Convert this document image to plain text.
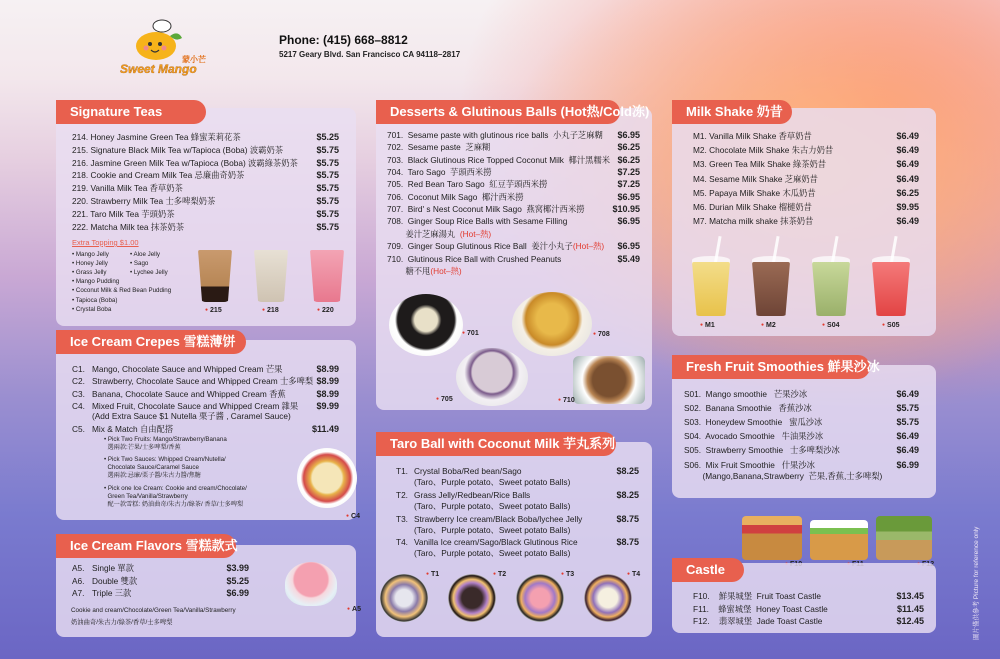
Sweet Mango
蒙小芒
Phone: (415) 668–8812
5217 Geary Blvd. San Francisco CA 94118–2817
Signature Teas
214. Honey Jasmine Green Tea 蜂蜜茉莉花茶	$5.25
215. Signature Black Milk Tea w/Tapioca (Boba) 波霸奶茶	$5.75
216. Jasmine Green Milk Tea w/Tapioca (Boba) 波霸綠茶奶茶	$5.75
218. Cookie and Cream Milk Tea 忌廉曲奇奶茶	$5.75
219. Vanilla Milk Tea 香草奶茶	$5.75
220. Strawberry Milk Tea 士多啤梨奶茶	$5.75
221. Taro Milk Tea 芋頭奶茶	$5.75
222. Matcha Milk tea 抹茶奶茶	$5.75
Extra Topping $1.00
• Mango Jelly
• Honey Jelly
• Grass Jelly
• Mango Pudding
• Coconut Milk & Red Bean Pudding
• Tapioca (Boba)
• Crystal Boba
• Aloe Jelly
• Sago
• Lychee Jelly
● 215	● 218	● 220
Ice Cream Crepes 雪糕薄饼
C1. Mango, Chocolate Sauce and Whipped Cream 芒果	$8.99
C2. Strawberry, Chocolate Sauce and Whipped Cream 士多啤梨 $8.99
C3. Banana, Chocolate Sauce and Whipped Cream 香蕉	$8.99
C4. Mixed Fruit, Chocolate Sauce and Whipped Cream 雜果	$9.99
(Add Extra Sauce $1 Nutella 栗子醬 , Caramel Sauce)
C5. Mix & Match 自由配搭	$11.49
• Pick Two Fruits: Mango/Strawberry/Banana
選兩款:芒果/士多啤梨/香蕉
• Pick Two Sauces: Whipped Cream/Nutella/
Chocolate Sauce/Caramel Sauce
選兩款:忌廉/栗子醬/朱古力醬/焦糖
• Pick one Ice Cream: Cookie and cream/Chocolate/
Green Tea/Vanilla/Strawberry
配一款雪糕: 奶油曲奇/朱古力/綠茶/ 香草/士多啤梨
● C4
Ice Cream Flavors 雪糕款式
A5. Single 單款	$3.99
A6. Double 雙款	$5.25
A7. Triple 三款	$6.99
Cookie and cream/Chocolate/Green Tea/Vanilla/Strawberry
奶油曲奇/朱古力/綠茶/香草/士多啤梨
● A5
Desserts & Glutinous Balls (Hot热/Cold冻)
701.  Sesame paste with glutinous rice balls  小丸子芝麻糊	$6.95
702.  Sesame paste  芝麻糊	$6.25
703.  Black Glutinous Rice Topped Coconut Milk  椰汁黑糯米 $6.25
704.  Taro Sago  芋頭西米撈	$7.25
705.  Red Bean Taro Sago  紅豆芋頭西米撈	$7.25
706.  Coconut Milk Sago  椰汁西米撈	$6.95
707.  Bird' s Nest Coconut Milk Sago  燕窝椰汁西米撈	$10.95
708.  Ginger Soup Rice Balls with Sesame Filling	$6.95
姜汁芝麻湯丸  (Hot–熱)
709.  Ginger Soup Glutinous Rice Ball  姜汁小丸子(Hot–熱)	$6.95
710.  Glutinous Rice Ball with Crushed Peanuts	$5.49
糖不甩(Hot–熱)
● 701	● 708
● 705	● 710
Taro Ball with Coconut Milk 芋丸系列
T1. Crystal Boba/Red bean/Sago
(Taro、Purple potato、Sweet potato Balls)
$8.25
T2. Grass Jelly/Redbean/Rice Balls
(Taro、Purple potato、Sweet potato Balls)
$8.25
T3. Strawberry Ice cream/Black Boba/lychee Jelly
(Taro、Purple potato、Sweet potato Balls)
$8.75
T4. Vanilla Ice cream/Sago/Black Glutinous Rice
(Taro、Purple potato、Sweet potato Balls)
$8.75
● T1	● T2	● T3	● T4
Milk Shake 奶昔
M1. Vanilla Milk Shake 香草奶昔	$6.49
M2. Chocolate Milk Shake 朱古力奶昔	$6.49
M3. Green Tea Milk Shake 綠茶奶昔	$6.49
M4. Sesame Milk Shake 芝麻奶昔	$6.49
M5. Papaya Milk Shake 木瓜奶昔	$6.25
M6. Durian Milk Shake 榴槤奶昔	$9.95
M7. Matcha milk shake 抹茶奶昔	$6.49
● M1	● M2	● S04	● S05
Fresh Fruit Smoothies 鮮果沙冰
S01.  Mango smoothie   芒果沙冰	$6.49
S02.  Banana Smoothie   香蕉沙冰	$5.75
S03.  Honeydew Smoothie   蜜瓜沙冰	$5.75
S04.  Avocado Smoothie   牛油果沙冰	$6.49
S05.  Strawberry Smoothie   士多啤梨沙冰	$6.49
S06.  Mix Fruit Smoothie   什果沙冰	$6.99
(Mango,Banana,Strawberry  芒果,香蕉,士多啤梨)
●
●
●
Castle
F10.    鮮果城堡  Fruit Toast Castle	$13.45
F11.    蜂蜜城堡  Honey Toast Castle	$11.45
F12.    翡翠城堡  Jade Toast Castle	$12.45	圖片僅供參考 Picture for reference only
